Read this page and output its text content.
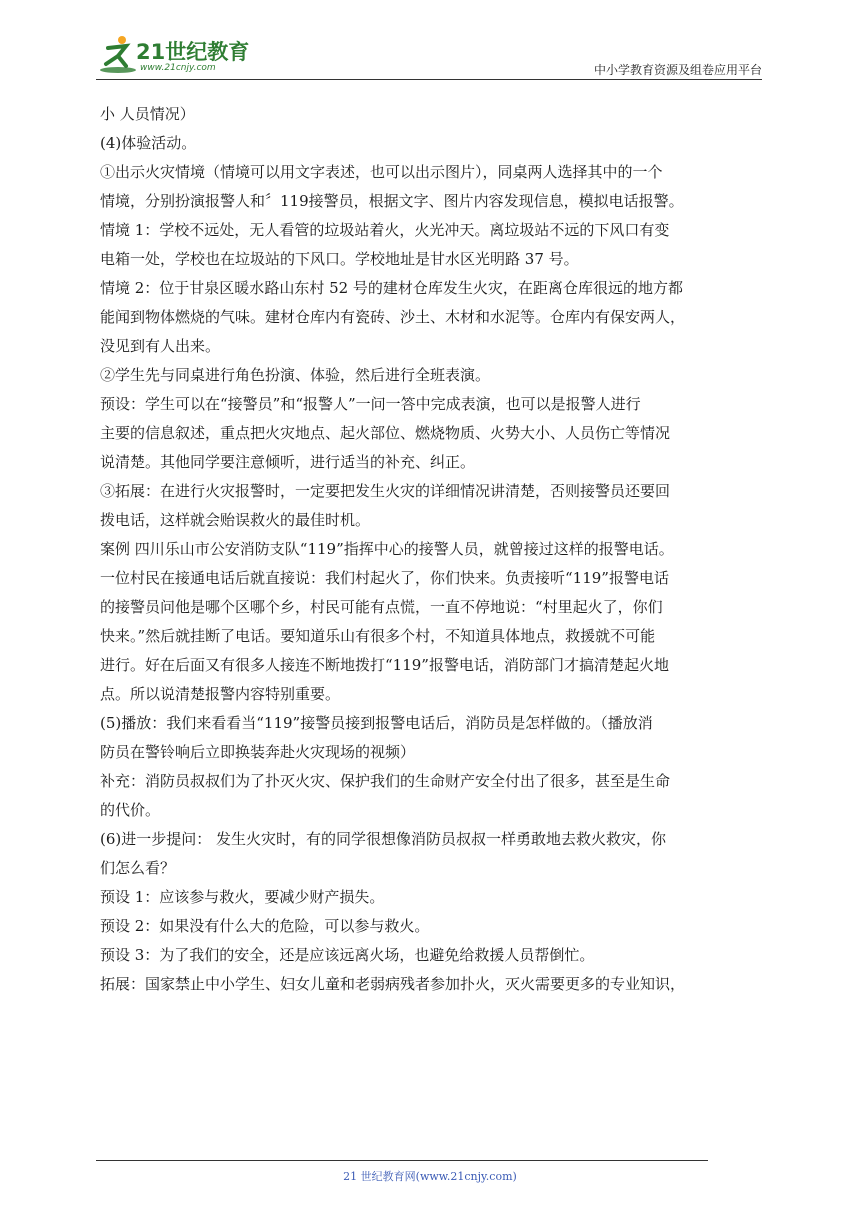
21世纪教育
www.21cnjy.com	中小学教育资源及组卷应用平台
小 人员情况）
(4)体验活动。
①出示火灾情境（情境可以用文字表述，也可以出示图片），同桌两人选择其中的一个
情境，分别扮演报警人和〞119接警员，根据文字、图片内容发现信息，模拟电话报警。
情境 1：学校不远处，无人看管的垃圾站着火，火光冲天。离垃圾站不远的下风口有变
电箱一处，学校也在垃圾站的下风口。学校地址是甘水区光明路 37 号。
情境 2：位于甘泉区暖水路山东村 52 号的建材仓库发生火灾，在距离仓库很远的地方都
能闻到物体燃烧的气味。建材仓库内有瓷砖、沙土、木材和水泥等。仓库内有保安两人，
没见到有人出来。
②学生先与同桌进行角色扮演、体验，然后进行全班表演。
预设：学生可以在“接警员”和“报警人”一问一答中完成表演，也可以是报警人进行
主要的信息叙述，重点把火灾地点、起火部位、燃烧物质、火势大小、人员伤亡等情况
说清楚。其他同学要注意倾听，进行适当的补充、纠正。
③拓展：在进行火灾报警时，一定要把发生火灾的详细情况讲清楚，否则接警员还要回
拨电话，这样就会贻误救火的最佳时机。
案例 四川乐山市公安消防支队“119”指挥中心的接警人员，就曾接过这样的报警电话。
一位村民在接通电话后就直接说：我们村起火了，你们快来。负责接听“119”报警电话
的接警员问他是哪个区哪个乡，村民可能有点慌，一直不停地说：“村里起火了，你们
快来。”然后就挂断了电话。要知道乐山有很多个村，不知道具体地点，救援就不可能
进行。好在后面又有很多人接连不断地拨打“119”报警电话，消防部门才搞清楚起火地
点。所以说清楚报警内容特别重要。
(5)播放：我们来看看当“119”接警员接到报警电话后，消防员是怎样做的。（播放消
防员在警铃响后立即换装奔赴火灾现场的视频）
补充：消防员叔叔们为了扑灭火灾、保护我们的生命财产安全付出了很多，甚至是生命
的代价。
(6)进一步提问： 发生火灾时，有的同学很想像消防员叔叔一样勇敢地去救火救灾，你
们怎么看？
预设 1：应该参与救火，要减少财产损失。
预设 2：如果没有什么大的危险，可以参与救火。
预设 3：为了我们的安全，还是应该远离火场，也避免给救援人员帮倒忙。
拓展：国家禁止中小学生、妇女儿童和老弱病残者参加扑火，灭火需要更多的专业知识，
21 世纪教育网(www.21cnjy.com)
